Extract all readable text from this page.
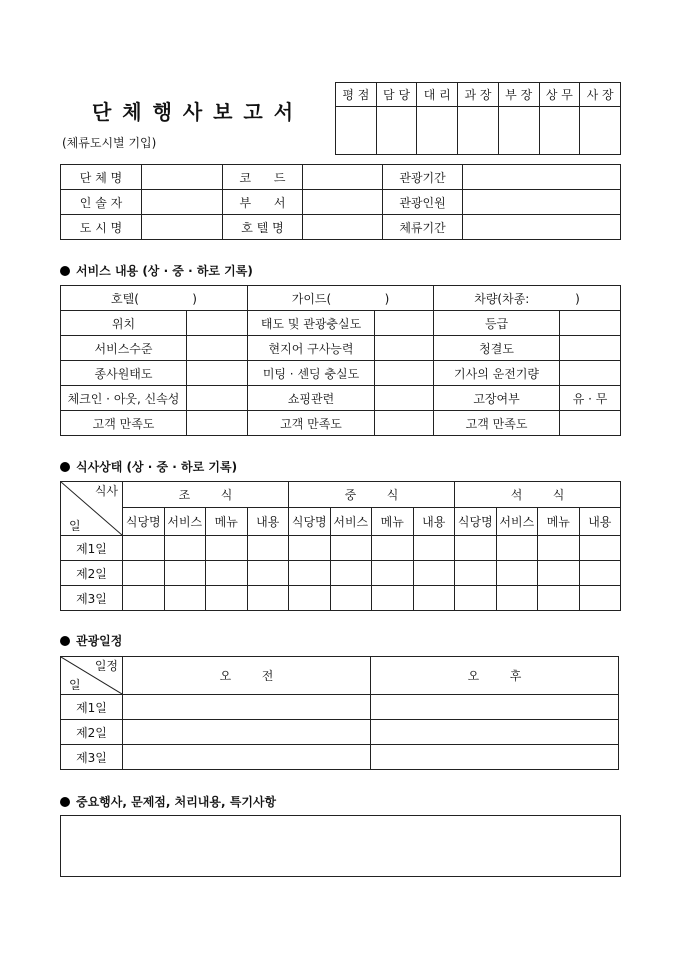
단 체 행 사 보 고 서
(체류도시별 기입)
평 점	담 당	대 리	과 장	부 장	상 무	사 장

단 체 명		코      드		관광기간	
인 솔 자		부      서		관광인원	
도 시 명		호 텔 명		체류기간	
서비스 내용 (상 · 중 · 하로 기록)
호텔(              )		가이드(              )		차량(차종:            )	
위치		태도 및 관광충실도		등급	
서비스수준		현지어 구사능력		청결도	
종사원태도		미팅 · 센딩 충실도		기사의 운전기량	
체크인 · 아웃, 신속성		쇼핑관련		고장여부	유 · 무
고객 만족도		고객 만족도		고객 만족도	
식사상태 (상 · 중 · 하로 기록)
식사
일	조        식				중        식				석        식			
	식당명	서비스	메뉴	내용	식당명	서비스	메뉴	내용	식당명	서비스	메뉴	내용
제1일												
제2일												
제3일												
관광일정
일정
일	오        전	오        후
제1일		
제2일		
제3일		
중요행사, 문제점, 처리내용, 특기사항
